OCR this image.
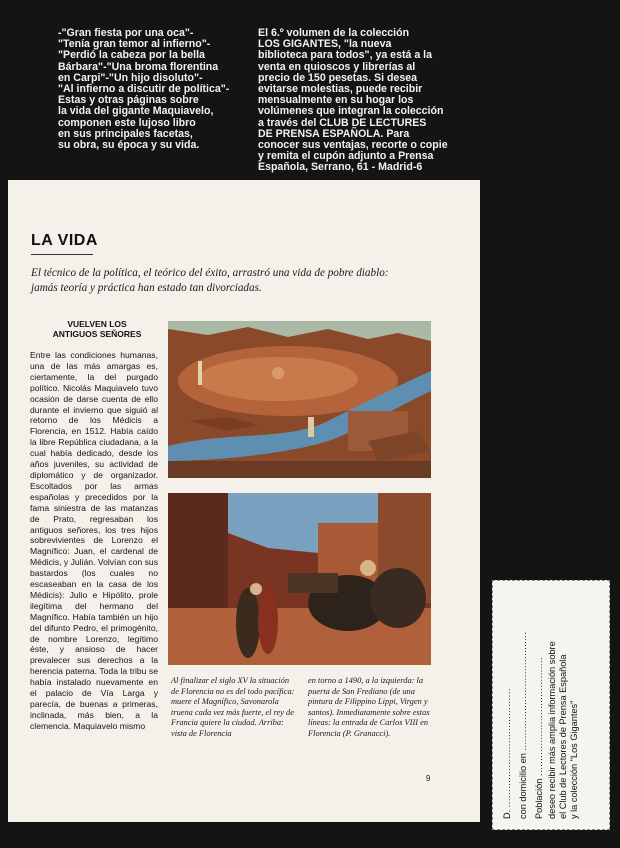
-"Gran fiesta por una oca"-
"Tenía gran temor al infierno"-
"Perdió la cabeza por la bella
Bárbara"-"Una broma florentina
en Carpi"-"Un hijo disoluto"-
"Al infierno a discutir de política"-
Estas y otras páginas sobre
la vida del gigante Maquiavelo,
componen este lujoso libro
en sus principales facetas,
su obra, su época y su vida.
El 6.º volumen de la colección
LOS GIGANTES, "la nueva
biblioteca para todos", ya está a la
venta en quioscos y librerías al
precio de 150 pesetas. Si desea
evitarse molestias, puede recibir
mensualmente en su hogar los
volúmenes que integran la colección
a través del CLUB DE LECTURES
DE PRENSA ESPAÑOLA. Para
conocer sus ventajas, recorte o copie
y remita el cupón adjunto a Prensa
Española, Serrano, 61 - Madrid-6
LA VIDA

El técnico de la política, el teórico del éxito, arrastró una vida de pobre diablo: jamás teoría y práctica han estado tan divorciadas.

VUELVEN LOS
ANTIGUOS SEÑORES

Entre las condiciones humanas, una de las más amargas es, ciertamente, la del purgado político. Nicolás Maquiavelo tuvo ocasión de darse cuenta de ello durante el invierno que siguió al retorno de los Médicis a Florencia, en 1512. Había caído la libre República ciudadana, a la cual había dedicado, desde los años juveniles, su actividad de diplomático y de organizador. Escoltados por las armas españolas y precedidos por la fama siniestra de las matanzas de Prato, regresaban los antiguos señores, los tres hijos sobrevivientes de Lorenzo el Magnífico: Juan, el cardenal de Médicis, y Julián. Volvían con sus bastardos (los cuales no escaseaban en la casa de los Médicis): Julio e Hipólito, prole ilegítima del hermano del Magnífico. Había también un hijo del difunto Pedro, el primogénito, de nombre Lorenzo, legítimo éste, y ansioso de hacer prevalecer sus derechos a la herencia paterna. Toda la tribu se había instalado nuevamente en el palacio de Vía Larga y parecía, de buenas a primeras, inclinada, más bien, a la clemencia. Maquiavelo mismo

Al finalizar el siglo XV la situación de Florencia no es del todo pacífica: muere el Magnífico, Savonarola truena cada vez más fuerte, el rey de Francia quiere la ciudad. Arriba: vista de Florencia

en torno a 1490, a la izquierda: la puerta de San Frediano (de una pintura de Filippino Lippi, Virgen y santos). Inmediatamente sobre estas líneas: la entrada de Carlos VIII en Florencia (P. Granacci).

9
D. ....................................... con domicilio en .......................................
Población ....................................... deseo recibir más amplia información sobre el Club de Lectores de Prensa Española y la colección "Los Gigantes"
